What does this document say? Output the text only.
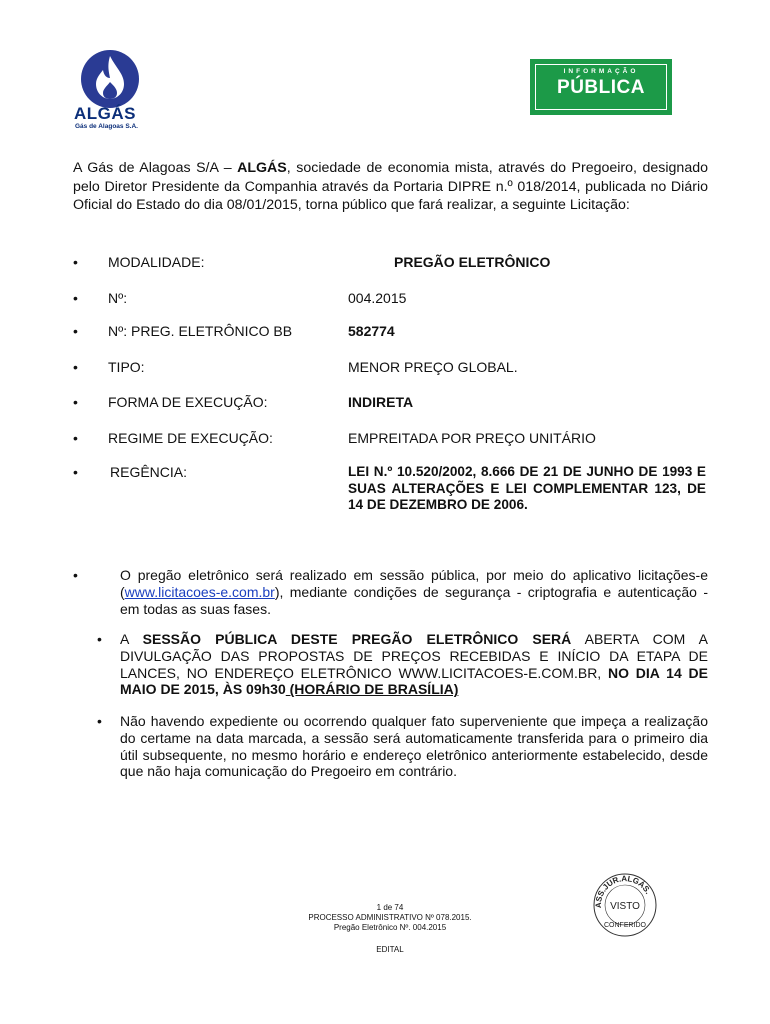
ALGÁS
Gás de Alagoas S.A.
INFORMAÇÃO
PÚBLICA
A Gás de Alagoas S/A – ALGÁS, sociedade de economia mista, através do Pregoeiro, designado pelo Diretor Presidente da Companhia através da Portaria DIPRE n.º 018/2014, publicada no Diário Oficial do Estado do dia 08/01/2015, torna público que fará realizar, a seguinte Licitação:
• MODALIDADE:	PREGÃO ELETRÔNICO
• Nº:	004.2015
• Nº: PREG. ELETRÔNICO BB	582774
• TIPO:	MENOR PREÇO GLOBAL.
• FORMA DE EXECUÇÃO:	INDIRETA
• REGIME DE EXECUÇÃO:	EMPREITADA POR PREÇO UNITÁRIO
• REGÊNCIA:	LEI N.º 10.520/2002, 8.666 DE 21 DE JUNHO DE 1993 E SUAS ALTERAÇÕES E LEI COMPLEMENTAR 123, DE 14 DE DEZEMBRO DE 2006.
•	O pregão eletrônico será realizado em sessão pública, por meio do aplicativo licitações-e (www.licitacoes-e.com.br), mediante condições de segurança - criptografia e autenticação - em todas as suas fases.
• A SESSÃO PÚBLICA DESTE PREGÃO ELETRÔNICO SERÁ ABERTA COM A DIVULGAÇÃO DAS PROPOSTAS DE PREÇOS RECEBIDAS E INÍCIO DA ETAPA DE LANCES, NO ENDEREÇO ELETRÔNICO WWW.LICITACOES-E.COM.BR, NO DIA 14 DE MAIO DE 2015, ÀS 09h30 (HORÁRIO DE BRASÍLIA)
• Não havendo expediente ou ocorrendo qualquer fato superveniente que impeça a realização do certame na data marcada, a sessão será automaticamente transferida para o primeiro dia útil subsequente, no mesmo horário e endereço eletrônico anteriormente estabelecido, desde que não haja comunicação do Pregoeiro em contrário.
1 de 74
PROCESSO ADMINISTRATIVO Nº 078.2015.
Pregão Eletrônico Nº. 004.2015
EDITAL
ASS.JUR.ALGÁS.
VISTO
CONFERIDO
